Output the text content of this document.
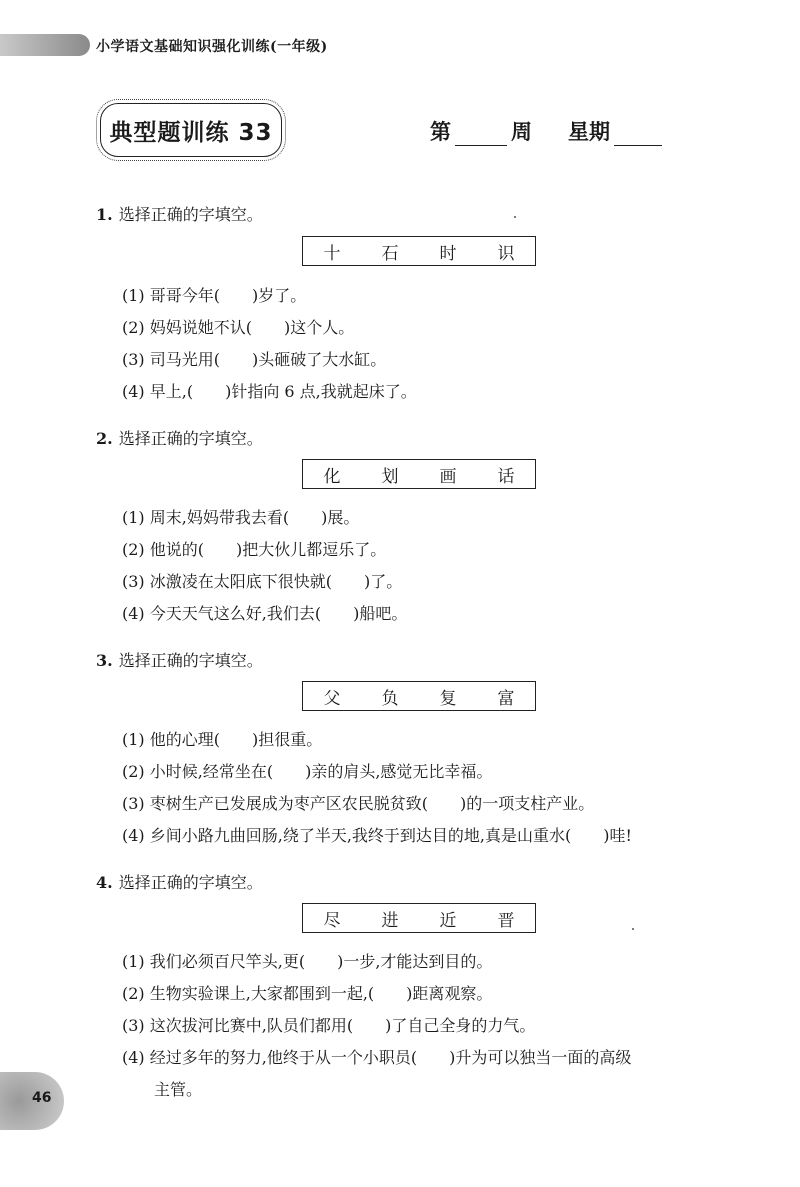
小学语文基础知识强化训练(一年级)
典型题训练 33	第	周 星期
1. 选择正确的字填空。
十 石 时 识
(1) 哥哥今年(　　)岁了。
(2) 妈妈说她不认(　　)这个人。
(3) 司马光用(　　)头砸破了大水缸。
(4) 早上,(　　)针指向 6 点,我就起床了。
2. 选择正确的字填空。
化 划 画 话
(1) 周末,妈妈带我去看(　　)展。
(2) 他说的(　　)把大伙儿都逗乐了。
(3) 冰激凌在太阳底下很快就(　　)了。
(4) 今天天气这么好,我们去(　　)船吧。
3. 选择正确的字填空。
父 负 复 富
(1) 他的心理(　　)担很重。
(2) 小时候,经常坐在(　　)亲的肩头,感觉无比幸福。
(3) 枣树生产已发展成为枣产区农民脱贫致(　　)的一项支柱产业。
(4) 乡间小路九曲回肠,绕了半天,我终于到达目的地,真是山重水(　　)哇!
4. 选择正确的字填空。
尽 进 近 晋
(1) 我们必须百尺竿头,更(　　)一步,才能达到目的。
(2) 生物实验课上,大家都围到一起,(　　)距离观察。
(3) 这次拔河比赛中,队员们都用(　　)了自己全身的力气。
(4) 经过多年的努力,他终于从一个小职员(　　)升为可以独当一面的高级
主管。
46
